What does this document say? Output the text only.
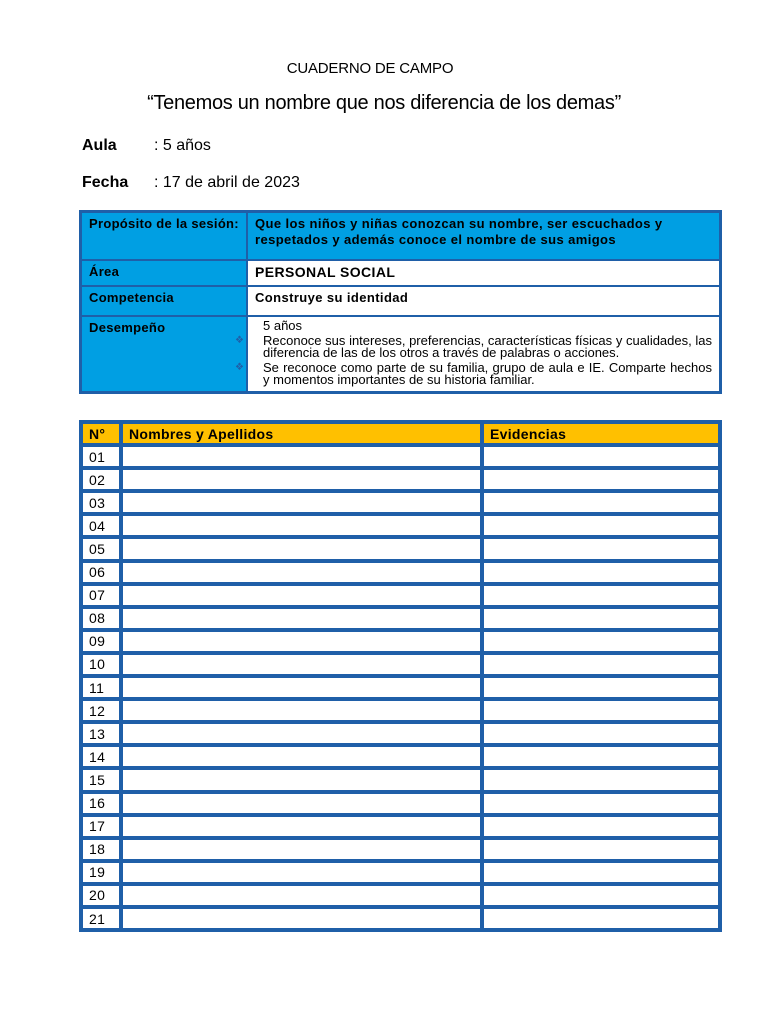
CUADERNO DE CAMPO
“Tenemos un nombre que nos diferencia de los demas”
Aula : 5 años
Fecha : 17 de abril de 2023
Propósito de la sesión:	Que los niños y niñas conozcan su nombre, ser escuchados y respetados y además conoce el nombre de sus amigos
Área	PERSONAL SOCIAL
Competencia	Construye su identidad
Desempeño	5 años
❖ Reconoce sus intereses, preferencias, características físicas y cualidades, las diferencia de las de los otros a través de palabras o acciones.
❖ Se reconoce como parte de su familia, grupo de aula e IE. Comparte hechos y momentos importantes de su historia familiar.
N°	Nombres y Apellidos	Evidencias
01		
02		
03		
04		
05		
06		
07		
08		
09		
10		
11		
12		
13		
14		
15		
16		
17		
18		
19		
20		
21		
